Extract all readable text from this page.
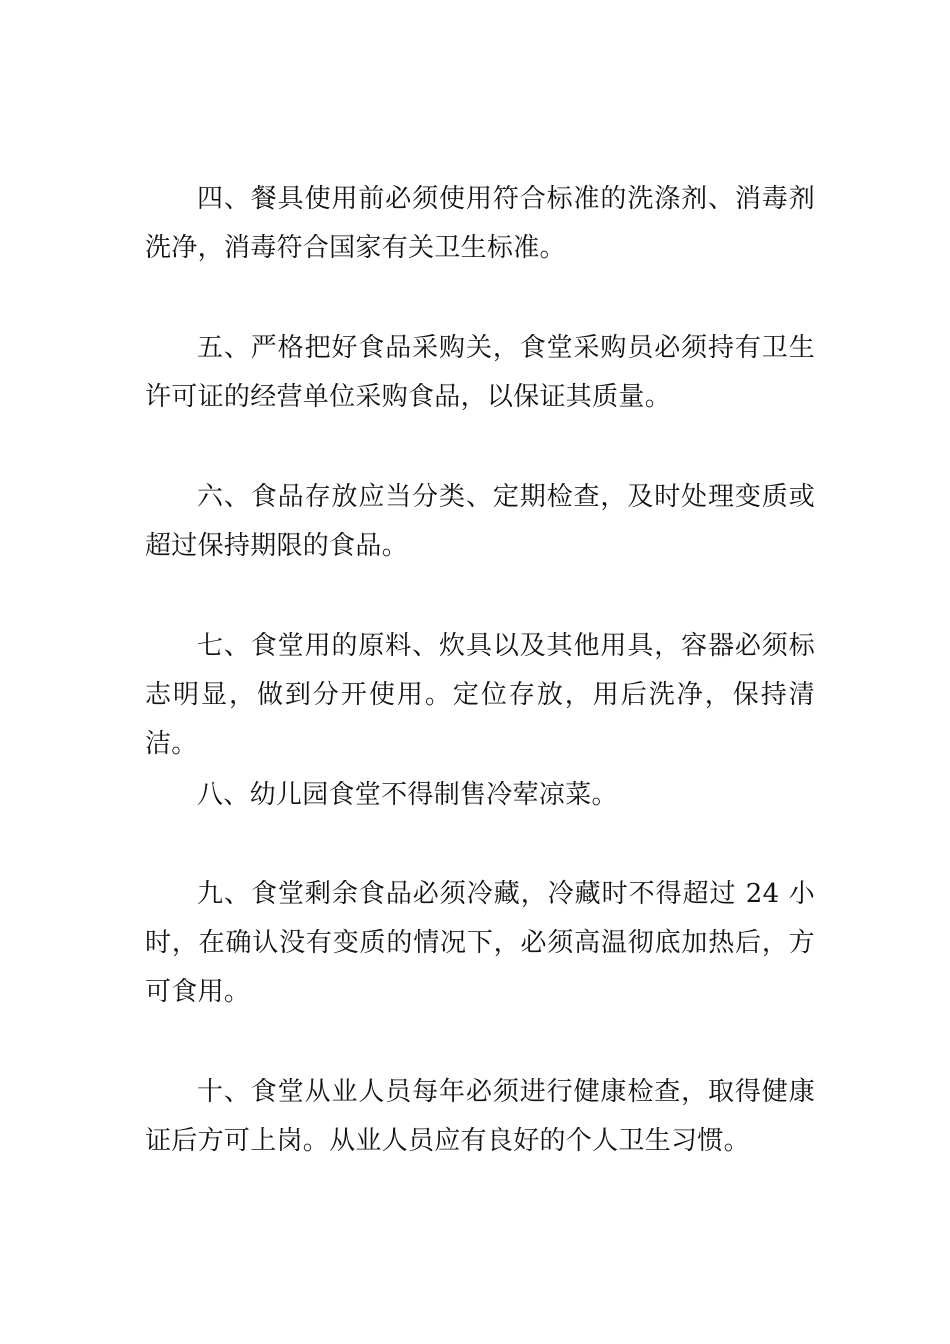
四、餐具使用前必须使用符合标准的洗涤剂、消毒剂洗净，消毒符合国家有关卫生标准。

五、严格把好食品采购关，食堂采购员必须持有卫生许可证的经营单位采购食品，以保证其质量。

六、食品存放应当分类、定期检查，及时处理变质或超过保持期限的食品。

七、食堂用的原料、炊具以及其他用具，容器必须标志明显，做到分开使用。定位存放，用后洗净，保持清洁。

八、幼儿园食堂不得制售冷荤凉菜。

九、食堂剩余食品必须冷藏，冷藏时不得超过 24 小时，在确认没有变质的情况下，必须高温彻底加热后，方可食用。

十、食堂从业人员每年必须进行健康检查，取得健康证后方可上岗。从业人员应有良好的个人卫生习惯。
